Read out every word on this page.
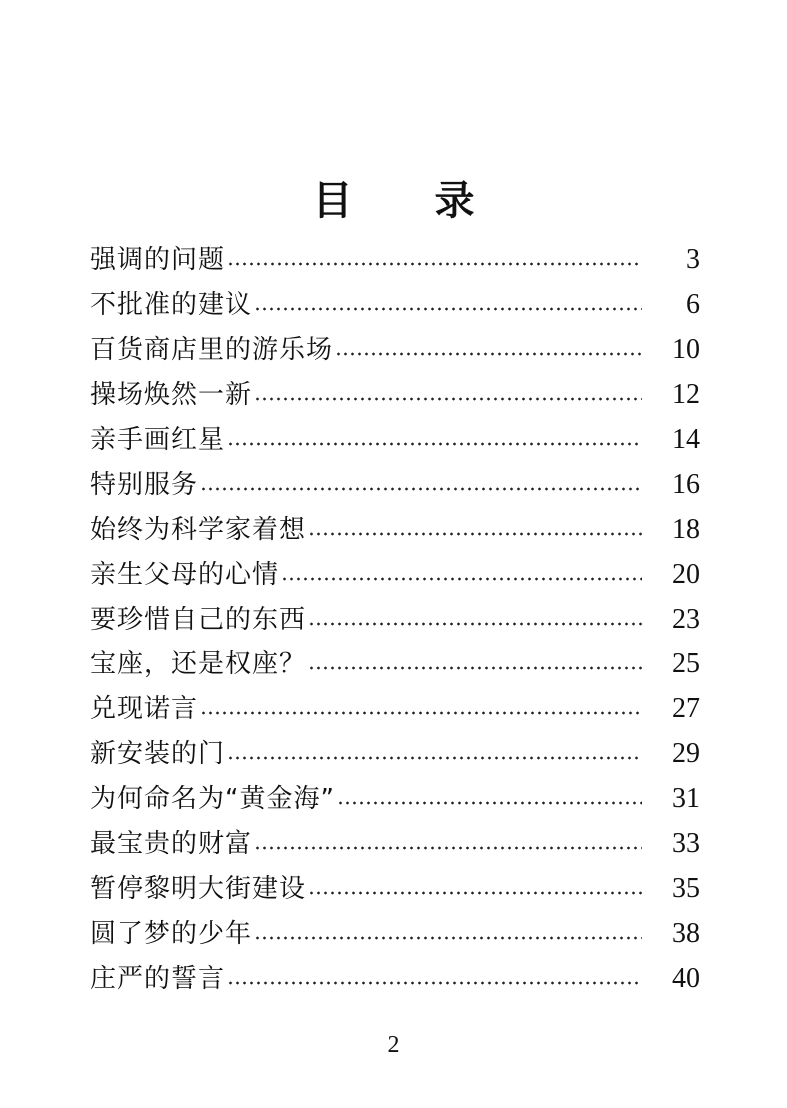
目 录
强调的问题	3
不批准的建议	6
百货商店里的游乐场	10
操场焕然一新	12
亲手画红星	14
特别服务	16
始终为科学家着想	18
亲生父母的心情	20
要珍惜自己的东西	23
宝座，还是权座？	25
兑现诺言	27
新安装的门	29
为何命名为“黄金海”	31
最宝贵的财富	33
暂停黎明大街建设	35
圆了梦的少年	38
庄严的誓言	40
2
